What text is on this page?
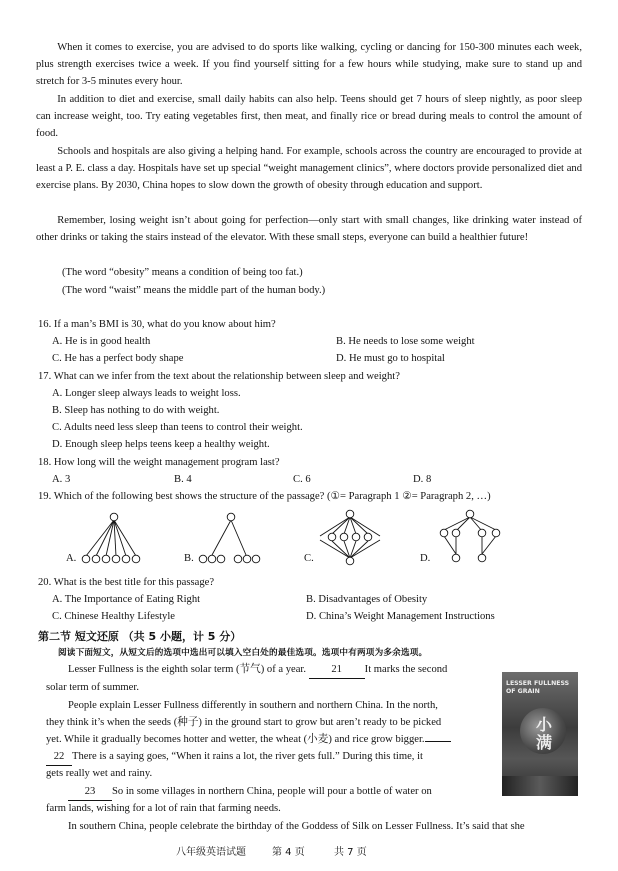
When it comes to exercise, you are advised to do sports like walking, cycling or dancing for 150-300 minutes each week, plus strength exercises twice a week. If you find yourself sitting for a few hours while studying, make sure to stand up and stretch for 3-5 minutes every hour.

In addition to diet and exercise, small daily habits can also help. Teens should get 7 hours of sleep nightly, as poor sleep can increase weight, too. Try eating vegetables first, then meat, and finally rice or bread during meals to control the amount of food.

Schools and hospitals are also giving a helping hand. For example, schools across the country are encouraged to provide at least a P. E. class a day. Hospitals have set up special “weight management clinics”, where doctors provide personalized diet and exercise plans. By 2030, China hopes to slow down the growth of obesity through education and support.

Remember, losing weight isn’t about going for perfection—only start with small changes, like drinking water instead of other drinks or taking the stairs instead of the elevator. With these small steps, everyone can build a healthier future!

(The word “obesity” means a condition of being too fat.)
(The word “waist” means the middle part of the human body.)
16. If a man’s BMI is 30, what do you know about him?
A. He is in good health	B. He needs to lose some weight
C. He has a perfect body shape	D. He must go to hospital
17. What can we infer from the text about the relationship between sleep and weight?
A. Longer sleep always leads to weight loss.
B. Sleep has nothing to do with weight.
C. Adults need less sleep than teens to control their weight.
D. Enough sleep helps teens keep a healthy weight.
18. How long will the weight management program last?
A. 3	B. 4	C. 6	D. 8
19. Which of the following best shows the structure of the passage? (①= Paragraph 1 ②= Paragraph 2, …)
A.	B.	C.	D.
20. What is the best title for this passage?
A. The Importance of Eating Right	B. Disadvantages of Obesity
C. Chinese Healthy Lifestyle	D. China’s Weight Management Instructions
第二节 短文还原 （共 5 小题，计 5 分）
阅读下面短文，从短文后的选项中选出可以填入空白处的最佳选项。选项中有两项为多余选项。
Lesser Fullness is the eighth solar term (节气) of a year. 21 It marks the second
solar term of summer.
People explain Lesser Fullness differently in southern and northern China. In the north,
they think it’s when the seeds (种子) in the ground start to grow but aren’t ready to be picked
yet. While it gradually becomes hotter and wetter, the wheat (小麦) and rice grow bigger.
22 There is a saying goes, “When it rains a lot, the river gets full.” During this time, it
gets really wet and rainy.
23 So in some villages in northern China, people will pour a bottle of water on
farm lands, wishing for a lot of rain that farming needs.
In southern China, people celebrate the birthday of the Goddess of Silk on Lesser Fullness. It’s said that she
LESSER FULLNESS
OF GRAIN
小
满
八年级英语试题	第 4 页	共 7 页
